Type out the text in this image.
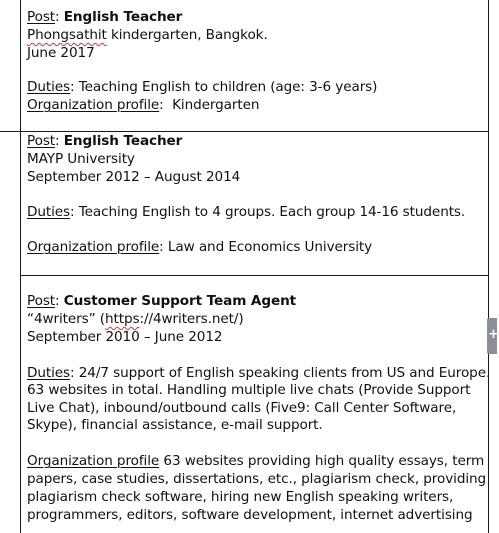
Post: English Teacher
Phongsathit kindergarten, Bangkok.
June 2017
Duties: Teaching English to children (age: 3-6 years)
Organization profile:  Kindergarten
Post: English Teacher
MAYP University
September 2012 – August 2014
Duties: Teaching English to 4 groups. Each group 14-16 students.
Organization profile: Law and Economics University
Post: Customer Support Team Agent
“4writers” (https://4writers.net/)
September 2010 – June 2012
Duties: 24/7 support of English speaking clients from US and Europe.
63 websites in total. Handling multiple live chats (Provide Support
Live Chat), inbound/outbound calls (Five9: Call Center Software,
Skype), financial assistance, e-mail support.
Organization profile 63 websites providing high quality essays, term
papers, case studies, dissertations, etc., plagiarism check, providing
plagiarism check software, hiring new English speaking writers,
programmers, editors, software development, internet advertising
+
